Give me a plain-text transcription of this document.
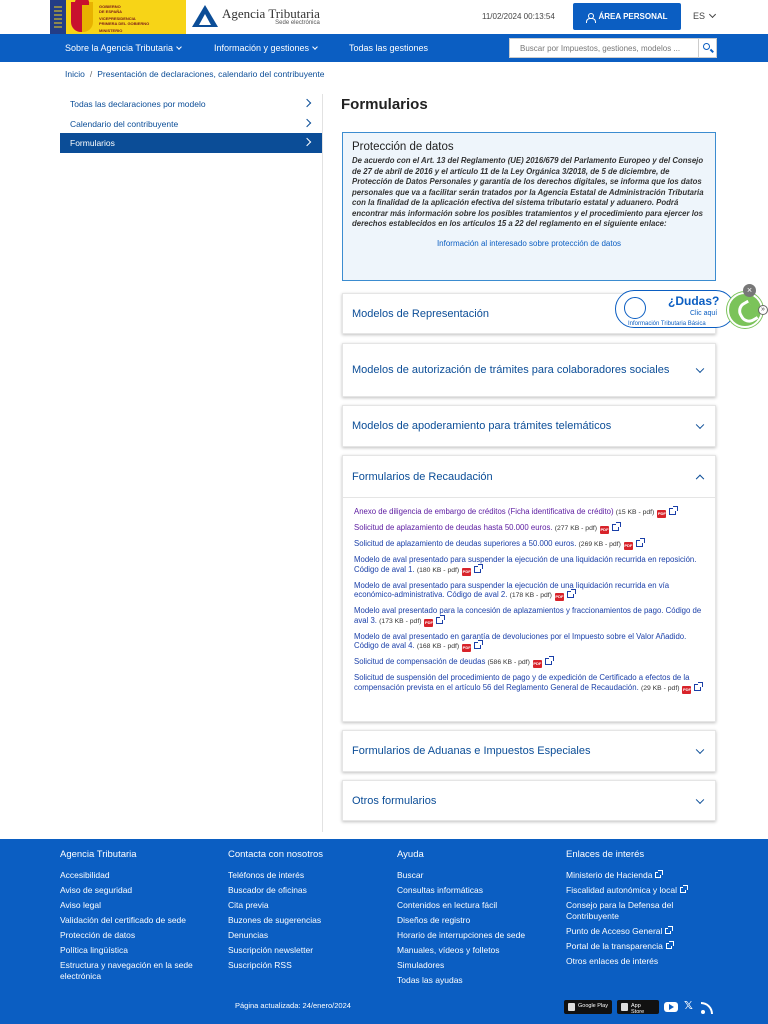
GOBIERNO
DE ESPAÑA
VICEPRESIDENCIA
PRIMERA DEL GOBIERNO
MINISTERIO
Agencia Tributaria
Sede electrónica
11/02/2024 00:13:54	ÁREA PERSONAL	ES
Sobre la Agencia Tributaria	Información y gestiones	Todas las gestiones	Buscar por Impuestos, gestiones, modelos ...
Inicio / Presentación de declaraciones, calendario del contribuyente
Todas las declaraciones por modelo
Calendario del contribuyente
Formularios
Formularios
Protección de datos

De acuerdo con el Art. 13 del Reglamento (UE) 2016/679 del Parlamento Europeo y del Consejo de 27 de abril de 2016 y el artículo 11 de la Ley Orgánica 3/2018, de 5 de diciembre, de Protección de Datos Personales y garantía de los derechos digitales, se informa que los datos personales que va a facilitar serán tratados por la Agencia Estatal de Administración Tributaria con la finalidad de la aplicación efectiva del sistema tributario estatal y aduanero. Podrá encontrar más información sobre los posibles tratamientos y el procedimiento para ejercer los derechos establecidos en los artículos 15 a 22 del reglamento en el siguiente enlace:

Información al interesado sobre protección de datos
Modelos de Representación
Modelos de autorización de trámites para colaboradores sociales
Modelos de apoderamiento para trámites telemáticos
Formularios de Recaudación
Anexo de diligencia de embargo de créditos (Ficha identificativa de crédito) (15 KB - pdf) PDF
Solicitud de aplazamiento de deudas hasta 50.000 euros. (277 KB - pdf) PDF
Solicitud de aplazamiento de deudas superiores a 50.000 euros. (269 KB - pdf) PDF
Modelo de aval presentado para suspender la ejecución de una liquidación recurrida en reposición. Código de aval 1. (180 KB - pdf) PDF
Modelo de aval presentado para suspender la ejecución de una liquidación recurrida en vía económico-administrativa. Código de aval 2. (178 KB - pdf) PDF
Modelo aval presentado para la concesión de aplazamientos y fraccionamientos de pago. Código de aval 3. (173 KB - pdf) PDF
Modelo de aval presentado en garantía de devoluciones por el Impuesto sobre el Valor Añadido. Código de aval 4. (168 KB - pdf) PDF
Solicitud de compensación de deudas (586 KB - pdf) PDF
Solicitud de suspensión del procedimiento de pago y de expedición de Certificado a efectos de la compensación prevista en el artículo 56 del Reglamento General de Recaudación. (29 KB - pdf) PDF
Formularios de Aduanas e Impuestos Especiales
Otros formularios
¿Dudas?
Clic aquí
Información Tributaria Básica
×
»
Agencia Tributaria
Accesibilidad
Aviso de seguridad
Aviso legal
Validación del certificado de sede
Protección de datos
Política lingüística
Estructura y navegación en la sede electrónica
Contacta con nosotros
Teléfonos de interés
Buscador de oficinas
Cita previa
Buzones de sugerencias
Denuncias
Suscripción newsletter
Suscripción RSS
Ayuda
Buscar
Consultas informáticas
Contenidos en lectura fácil
Diseños de registro
Horario de interrupciones de sede
Manuales, vídeos y folletos
Simuladores
Todas las ayudas
Enlaces de interés
Ministerio de Hacienda
Fiscalidad autonómica y local
Consejo para la Defensa del Contribuyente
Punto de Acceso General
Portal de la transparencia
Otros enlaces de interés
Página actualizada: 24/enero/2024	Google Play	App Store	𝕏
